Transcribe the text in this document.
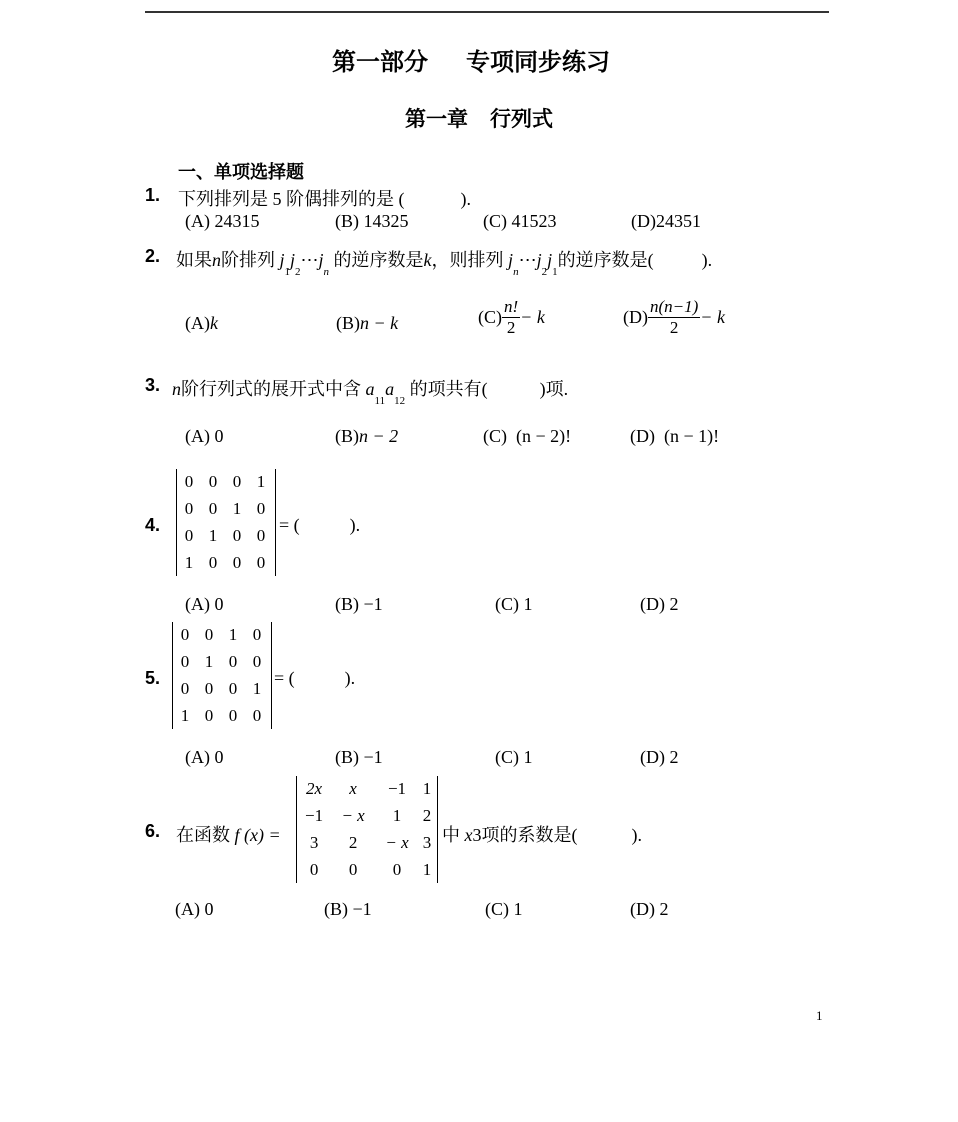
第一部分 专项同步练习
第一章 行列式
一、单项选择题
1. 下列排列是 5 阶偶排列的是 (	).
(A) 24315	(B) 14325	(C) 41523	(D)24351
2. 如果n阶排列 $j_1j_2\cdots j_n$ 的逆序数是k，则排列 $j_n\cdots j_2j_1$的逆序数是(	).
(A)k	(B)n − k	$(C) \frac{n!}{2} - k$	$(D) \frac{n(n-1)}{2} - k$
3. n阶行列式的展开式中含 $a_{11}a_{12}$ 的项共有(	)项.
(A) 0	(B)n − 2	(C) (n − 2)!	(D) (n − 1)!
4.
0	0	0	1
0	0	1	0
0	1	0	0
1	0	0	0
= (	).
(A) 0	(B) −1	(C) 1	(D) 2
5.
0	0	1	0
0	1	0	0
0	0	0	1
1	0	0	0
= (	).
(A) 0	(B) −1	(C) 1	(D) 2
6. 在函数 f (x) =
2x	x	−1	1
−1	− x	1	2
3	2	− x	3
0	0	0	1
中 x3项的系数是(	).
(A) 0	(B) −1	(C) 1	(D) 2
1
